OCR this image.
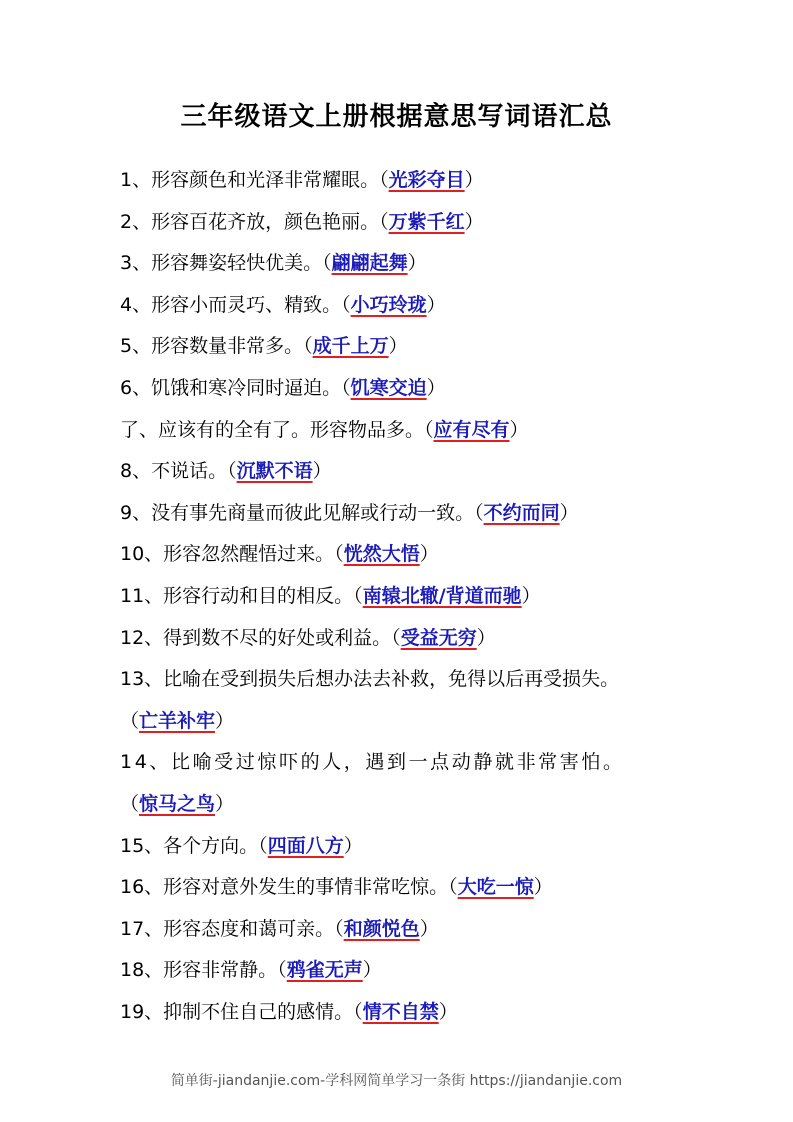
三年级语文上册根据意思写词语汇总
1、形容颜色和光泽非常耀眼。（光彩夺目）
2、形容百花齐放，颜色艳丽。（万紫千红）
3、形容舞姿轻快优美。（翩翩起舞）
4、形容小而灵巧、精致。（小巧玲珑）
5、形容数量非常多。（成千上万）
6、饥饿和寒冷同时逼迫。（饥寒交迫）
了、应该有的全有了。形容物品多。（应有尽有）
8、不说话。（沉默不语）
9、没有事先商量而彼此见解或行动一致。（不约而同）
10、形容忽然醒悟过来。（恍然大悟）
11、形容行动和目的相反。（南辕北辙/背道而驰）
12、得到数不尽的好处或利益。（受益无穷）
13、比喻在受到损失后想办法去补救，免得以后再受损失。
（亡羊补牢）
14、比喻受过惊吓的人，遇到一点动静就非常害怕。
（惊马之鸟）
15、各个方向。（四面八方）
16、形容对意外发生的事情非常吃惊。（大吃一惊）
17、形容态度和蔼可亲。（和颜悦色）
18、形容非常静。（鸦雀无声）
19、抑制不住自己的感情。（情不自禁）
简单街-jiandanjie.com-学科网简单学习一条街 https://jiandanjie.com
